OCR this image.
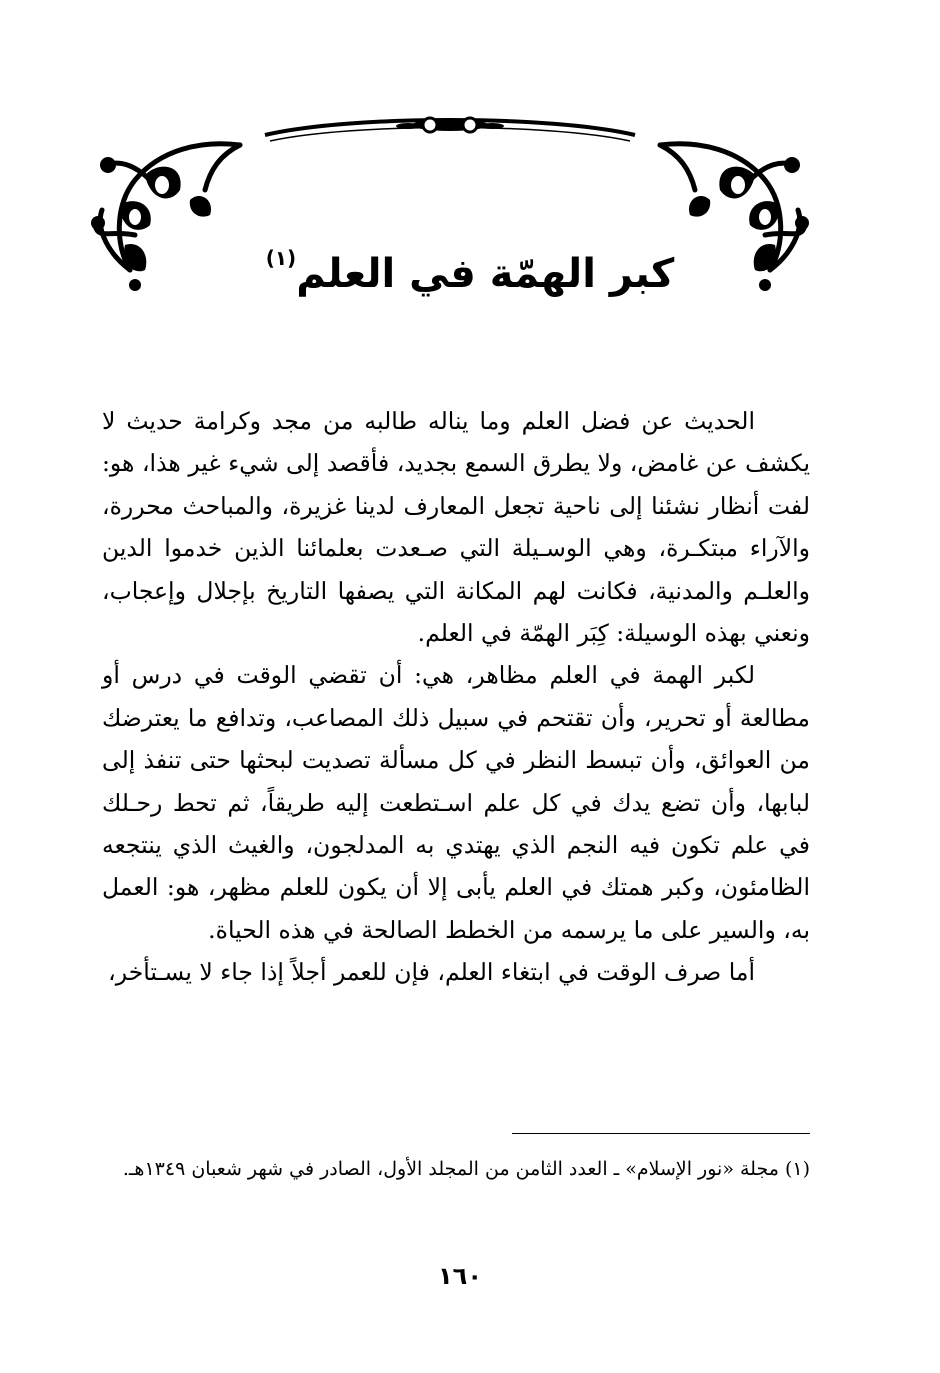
كبر الهمّة في العلم$^{(١)}$

الحديث عن فضل العلم وما يناله طالبه من مجد وكرامة حديث لا يكشف عن غامض، ولا يطرق السمع بجديد، فأقصد إلى شيء غير هذا، هو: لفت أنظار نشئنا إلى ناحية تجعل المعارف لدينا غزيرة، والمباحث محررة، والآراء مبتكـرة، وهي الوسـيلة التي صـعدت بعلمائنا الذين خدموا الدين والعلـم والمدنية، فكانت لهم المكانة التي يصفها التاريخ بإجلال وإعجاب، ونعني بهذه الوسيلة: كِبَر الهمّة في العلم.

لكبر الهمة في العلم مظاهر، هي: أن تقضي الوقت في درس أو مطالعة أو تحرير، وأن تقتحم في سبيل ذلك المصاعب، وتدافع ما يعترضك من العوائق، وأن تبسط النظر في كل مسألة تصديت لبحثها حتى تنفذ إلى لبابها، وأن تضع يدك في كل علم اسـتطعت إليه طريقاً، ثم تحط رحـلك في علم تكون فيه النجم الذي يهتدي به المدلجون، والغيث الذي ينتجعه الظامئون، وكبر همتك في العلم يأبى إلا أن يكون للعلم مظهر، هو: العمل به، والسير على ما يرسمه من الخطط الصالحة في هذه الحياة.

أما صرف الوقت في ابتغاء العلم، فإن للعمر أجلاً إذا جاء لا يسـتأخر،

(١) مجلة «نور الإسلام» ـ العدد الثامن من المجلد الأول، الصادر في شهر شعبان ١٣٤٩هـ.
١٦٠
